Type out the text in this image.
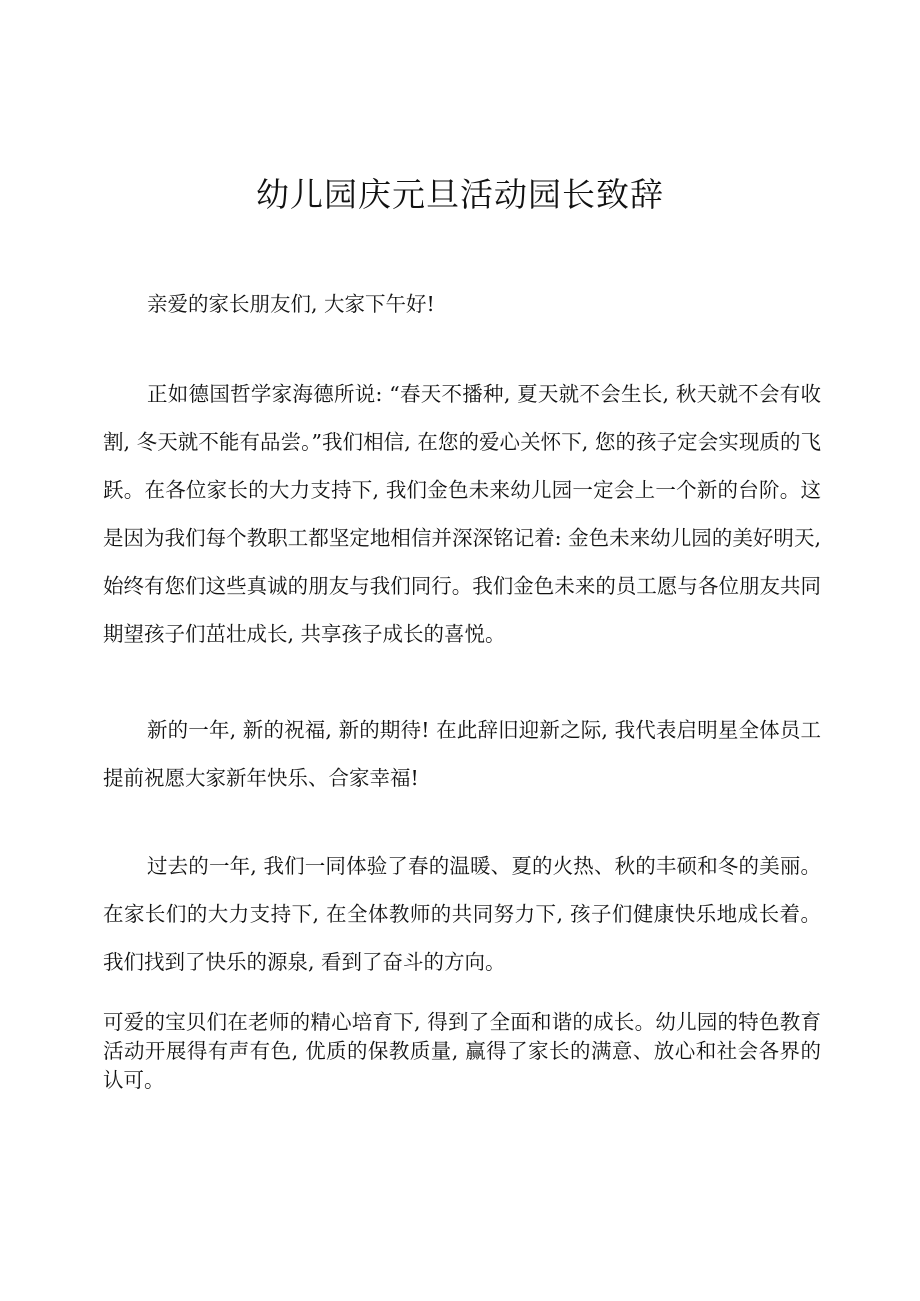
幼儿园庆元旦活动园长致辞

亲爱的家长朋友们, 大家下午好!

正如德国哲学家海德所说: “春天不播种, 夏天就不会生长, 秋天就不会有收割, 冬天就不能有品尝。”我们相信, 在您的爱心关怀下, 您的孩子定会实现质的飞跃。在各位家长的大力支持下, 我们金色未来幼儿园一定会上一个新的台阶。这是因为我们每个教职工都坚定地相信并深深铭记着: 金色未来幼儿园的美好明天, 始终有您们这些真诚的朋友与我们同行。我们金色未来的员工愿与各位朋友共同期望孩子们茁壮成长, 共享孩子成长的喜悦。

新的一年, 新的祝福, 新的期待! 在此辞旧迎新之际, 我代表启明星全体员工提前祝愿大家新年快乐、合家幸福!

过去的一年, 我们一同体验了春的温暖、夏的火热、秋的丰硕和冬的美丽。在家长们的大力支持下, 在全体教师的共同努力下, 孩子们健康快乐地成长着。我们找到了快乐的源泉, 看到了奋斗的方向。

可爱的宝贝们在老师的精心培育下, 得到了全面和谐的成长。幼儿园的特色教育活动开展得有声有色, 优质的保教质量, 赢得了家长的满意、放心和社会各界的认可。
